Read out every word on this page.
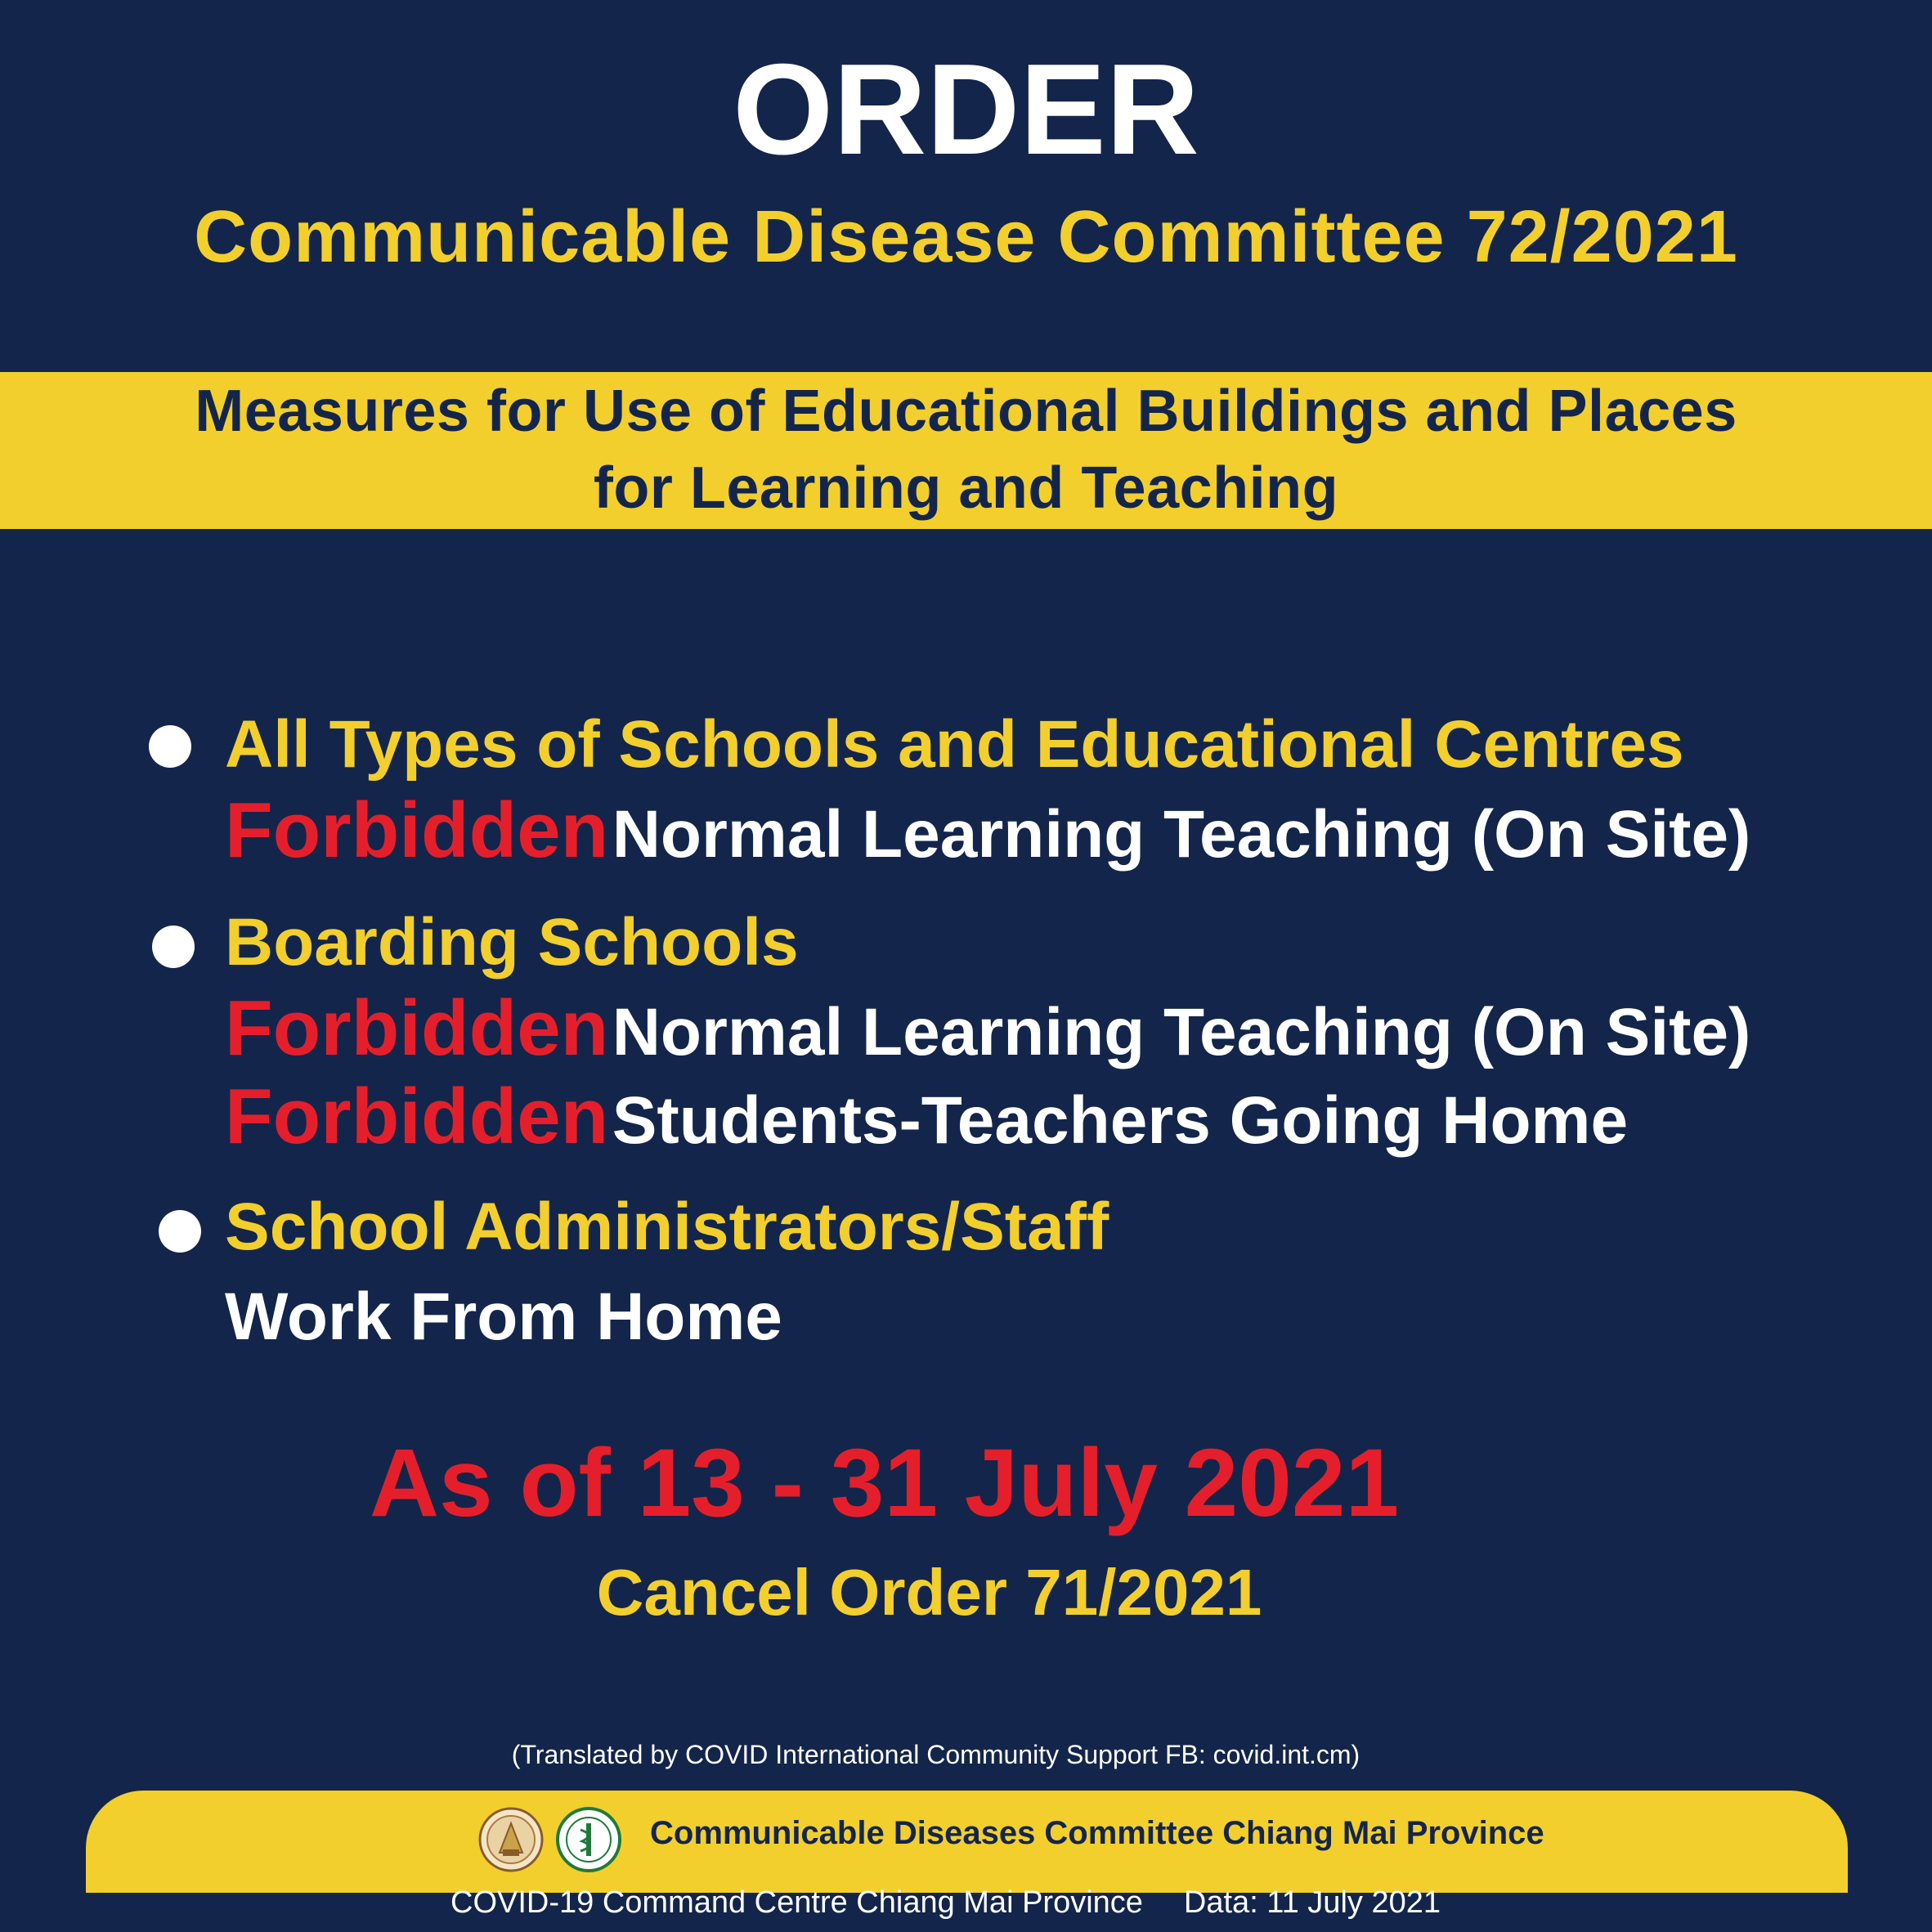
ORDER
Communicable Disease Committee 72/2021
Measures for Use of Educational Buildings and Places
for Learning and Teaching
All Types of Schools and Educational Centres
Forbidden Normal Learning Teaching (On Site)
Boarding Schools
Forbidden Normal Learning Teaching (On Site)
Forbidden Students-Teachers Going Home
School Administrators/Staff
Work From Home
As of 13 - 31 July 2021
Cancel Order 71/2021
(Translated by COVID International Community Support FB: covid.int.cm)
Communicable Diseases Committee Chiang Mai Province
COVID-19 Command Centre Chiang Mai Province Data: 11 July 2021
